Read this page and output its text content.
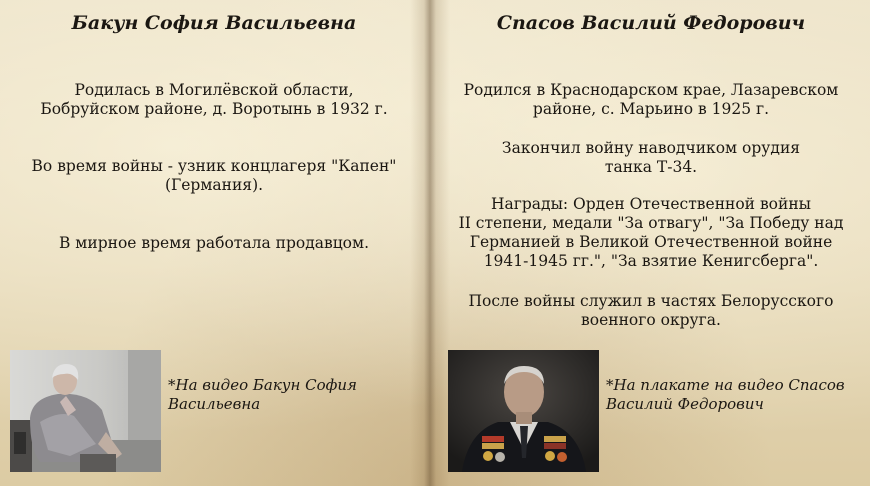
Бакун София Васильевна
Родилась в Могилёвской области,
Бобруйском районе, д. Воротынь в 1932 г.
Во время войны - узник концлагеря "Капен"
(Германия).
В мирное время работала продавцом.
*На видео Бакун София
Васильевна
Спасов Василий Федорович
Родился в Краснодарском крае, Лазаревском
районе, с. Марьино в 1925 г.
Закончил войну наводчиком орудия
танка Т-34.
Награды: Орден Отечественной войны
II степени, медали "За отвагу", "За Победу над
Германией в Великой Отечественной войне
1941-1945 гг.", "За взятие Кенигсберга".
После войны служил в частях Белорусского
военного округа.
*На плакате на видео Спасов
Василий Федорович
